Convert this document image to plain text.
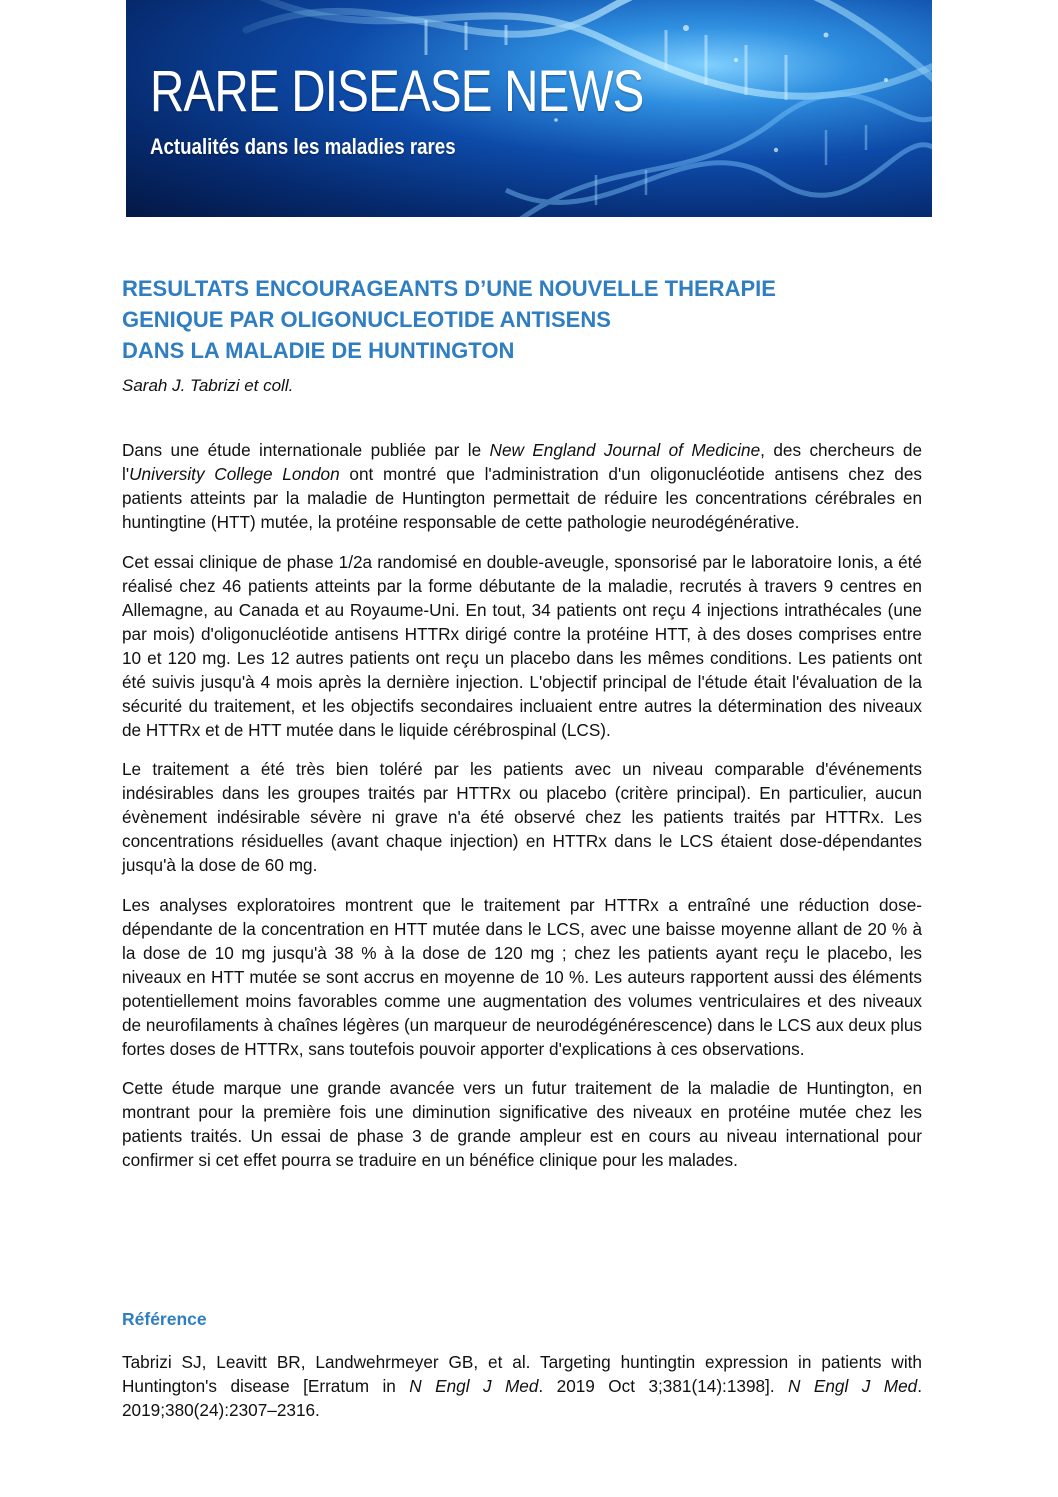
RARE DISEASE NEWS
Actualités dans les maladies rares
RESULTATS ENCOURAGEANTS D’UNE NOUVELLE THERAPIE
GENIQUE PAR OLIGONUCLEOTIDE ANTISENS
DANS LA MALADIE DE HUNTINGTON

Sarah J. Tabrizi et coll.

Dans une étude internationale publiée par le New England Journal of Medicine, des chercheurs de l'University College London ont montré que l'administration d'un oligonucléotide antisens chez des patients atteints par la maladie de Huntington permettait de réduire les concentrations cérébrales en huntingtine (HTT) mutée, la protéine responsable de cette pathologie neurodégénérative.

Cet essai clinique de phase 1/2a randomisé en double-aveugle, sponsorisé par le laboratoire Ionis, a été réalisé chez 46 patients atteints par la forme débutante de la maladie, recrutés à travers 9 centres en Allemagne, au Canada et au Royaume-Uni. En tout, 34 patients ont reçu 4 injections intrathécales (une par mois) d'oligonucléotide antisens HTTRx dirigé contre la protéine HTT, à des doses comprises entre 10 et 120 mg. Les 12 autres patients ont reçu un placebo dans les mêmes conditions. Les patients ont été suivis jusqu'à 4 mois après la dernière injection. L'objectif principal de l'étude était l'évaluation de la sécurité du traitement, et les objectifs secondaires incluaient entre autres la détermination des niveaux de HTTRx et de HTT mutée dans le liquide cérébrospinal (LCS).

Le traitement a été très bien toléré par les patients avec un niveau comparable d'événements indésirables dans les groupes traités par HTTRx ou placebo (critère principal). En particulier, aucun évènement indésirable sévère ni grave n'a été observé chez les patients traités par HTTRx. Les concentrations résiduelles (avant chaque injection) en HTTRx dans le LCS étaient dose-dépendantes jusqu'à la dose de 60 mg.

Les analyses exploratoires montrent que le traitement par HTTRx a entraîné une réduction dose-dépendante de la concentration en HTT mutée dans le LCS, avec une baisse moyenne allant de 20 % à la dose de 10 mg jusqu'à 38 % à la dose de 120 mg ; chez les patients ayant reçu le placebo, les niveaux en HTT mutée se sont accrus en moyenne de 10 %. Les auteurs rapportent aussi des éléments potentiellement moins favorables comme une augmentation des volumes ventriculaires et des niveaux de neurofilaments à chaînes légères (un marqueur de neurodégénérescence) dans le LCS aux deux plus fortes doses de HTTRx, sans toutefois pouvoir apporter d'explications à ces observations.

Cette étude marque une grande avancée vers un futur traitement de la maladie de Huntington, en montrant pour la première fois une diminution significative des niveaux en protéine mutée chez les patients traités. Un essai de phase 3 de grande ampleur est en cours au niveau international pour confirmer si cet effet pourra se traduire en un bénéfice clinique pour les malades.

Référence

Tabrizi SJ, Leavitt BR, Landwehrmeyer GB, et al. Targeting huntingtin expression in patients with Huntington's disease [Erratum in N Engl J Med. 2019 Oct 3;381(14):1398]. N Engl J Med. 2019;380(24):2307–2316.
